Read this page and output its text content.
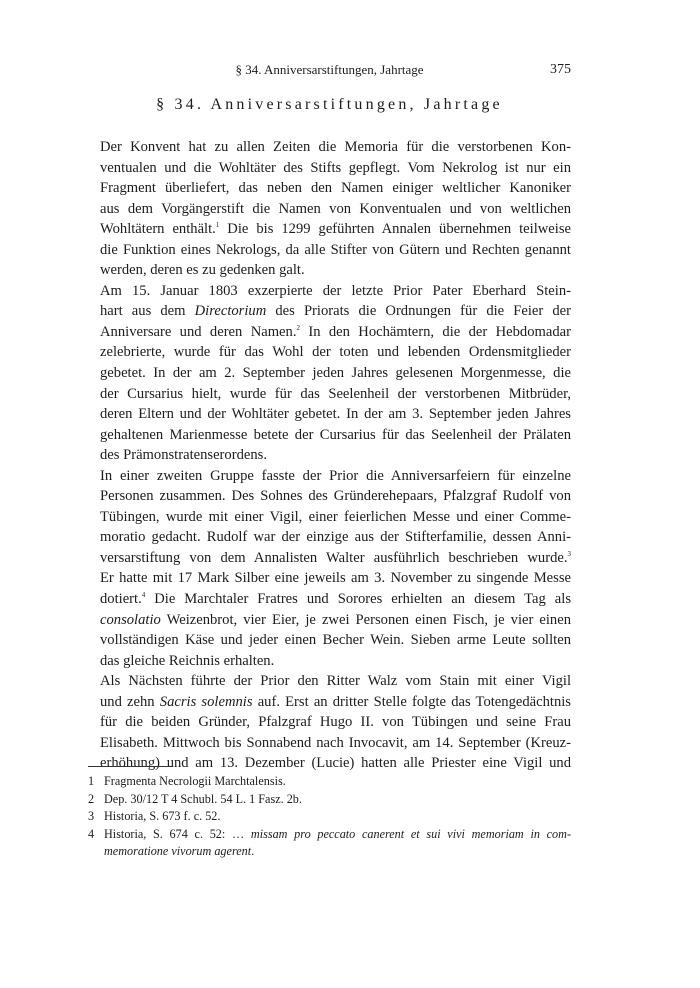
§ 34. Anniversarstiftungen, Jahrtage	375
§ 34. Anniversarstiftungen, Jahrtage

Der Konvent hat zu allen Zeiten die Memoria für die verstorbenen Kon-
ventualen und die Wohltäter des Stifts gepflegt. Vom Nekrolog ist nur ein
Fragment überliefert, das neben den Namen einiger weltlicher Kanoniker
aus dem Vorgängerstift die Namen von Konventualen und von weltlichen
Wohltätern enthält.$^1$ Die bis 1299 geführten Annalen übernehmen teilweise
die Funktion eines Nekrologs, da alle Stifter von Gütern und Rechten genannt
werden, deren es zu gedenken galt.

Am 15. Januar 1803 exzerpierte der letzte Prior Pater Eberhard Stein-
hart aus dem Directorium des Priorats die Ordnungen für die Feier der
Anniversare und deren Namen.$^2$ In den Hochämtern, die der Hebdomadar
zelebrierte, wurde für das Wohl der toten und lebenden Ordensmitglieder
gebetet. In der am 2. September jeden Jahres gelesenen Morgenmesse, die
der Cursarius hielt, wurde für das Seelenheil der verstorbenen Mitbrüder,
deren Eltern und der Wohltäter gebetet. In der am 3. September jeden Jahres
gehaltenen Marienmesse betete der Cursarius für das Seelenheil der Prälaten
des Prämonstratenserordens.

In einer zweiten Gruppe fasste der Prior die Anniversarfeiern für einzelne
Personen zusammen. Des Sohnes des Gründerehepaars, Pfalzgraf Rudolf von
Tübingen, wurde mit einer Vigil, einer feierlichen Messe und einer Comme-
moratio gedacht. Rudolf war der einzige aus der Stifterfamilie, dessen Anni-
versarstiftung von dem Annalisten Walter ausführlich beschrieben wurde.$^3$
Er hatte mit 17 Mark Silber eine jeweils am 3. November zu singende Messe
dotiert.$^4$ Die Marchtaler Fratres und Sorores erhielten an diesem Tag als
consolatio Weizenbrot, vier Eier, je zwei Personen einen Fisch, je vier einen
vollständigen Käse und jeder einen Becher Wein. Sieben arme Leute sollten
das gleiche Reichnis erhalten.

Als Nächsten führte der Prior den Ritter Walz vom Stain mit einer Vigil
und zehn Sacris solemnis auf. Erst an dritter Stelle folgte das Totengedächtnis
für die beiden Gründer, Pfalzgraf Hugo II. von Tübingen und seine Frau
Elisabeth. Mittwoch bis Sonnabend nach Invocavit, am 14. September (Kreuz-
erhöhung) und am 13. Dezember (Lucie) hatten alle Priester eine Vigil und

1 Fragmenta Necrologii Marchtalensis.
2 Dep. 30/12 T 4 Schubl. 54 L. 1 Fasz. 2b.
3 Historia, S. 673 f. c. 52.
4 Historia, S. 674 c. 52: … missam pro peccato canerent et sui vivi memoriam in com-
memoratione vivorum agerent.
